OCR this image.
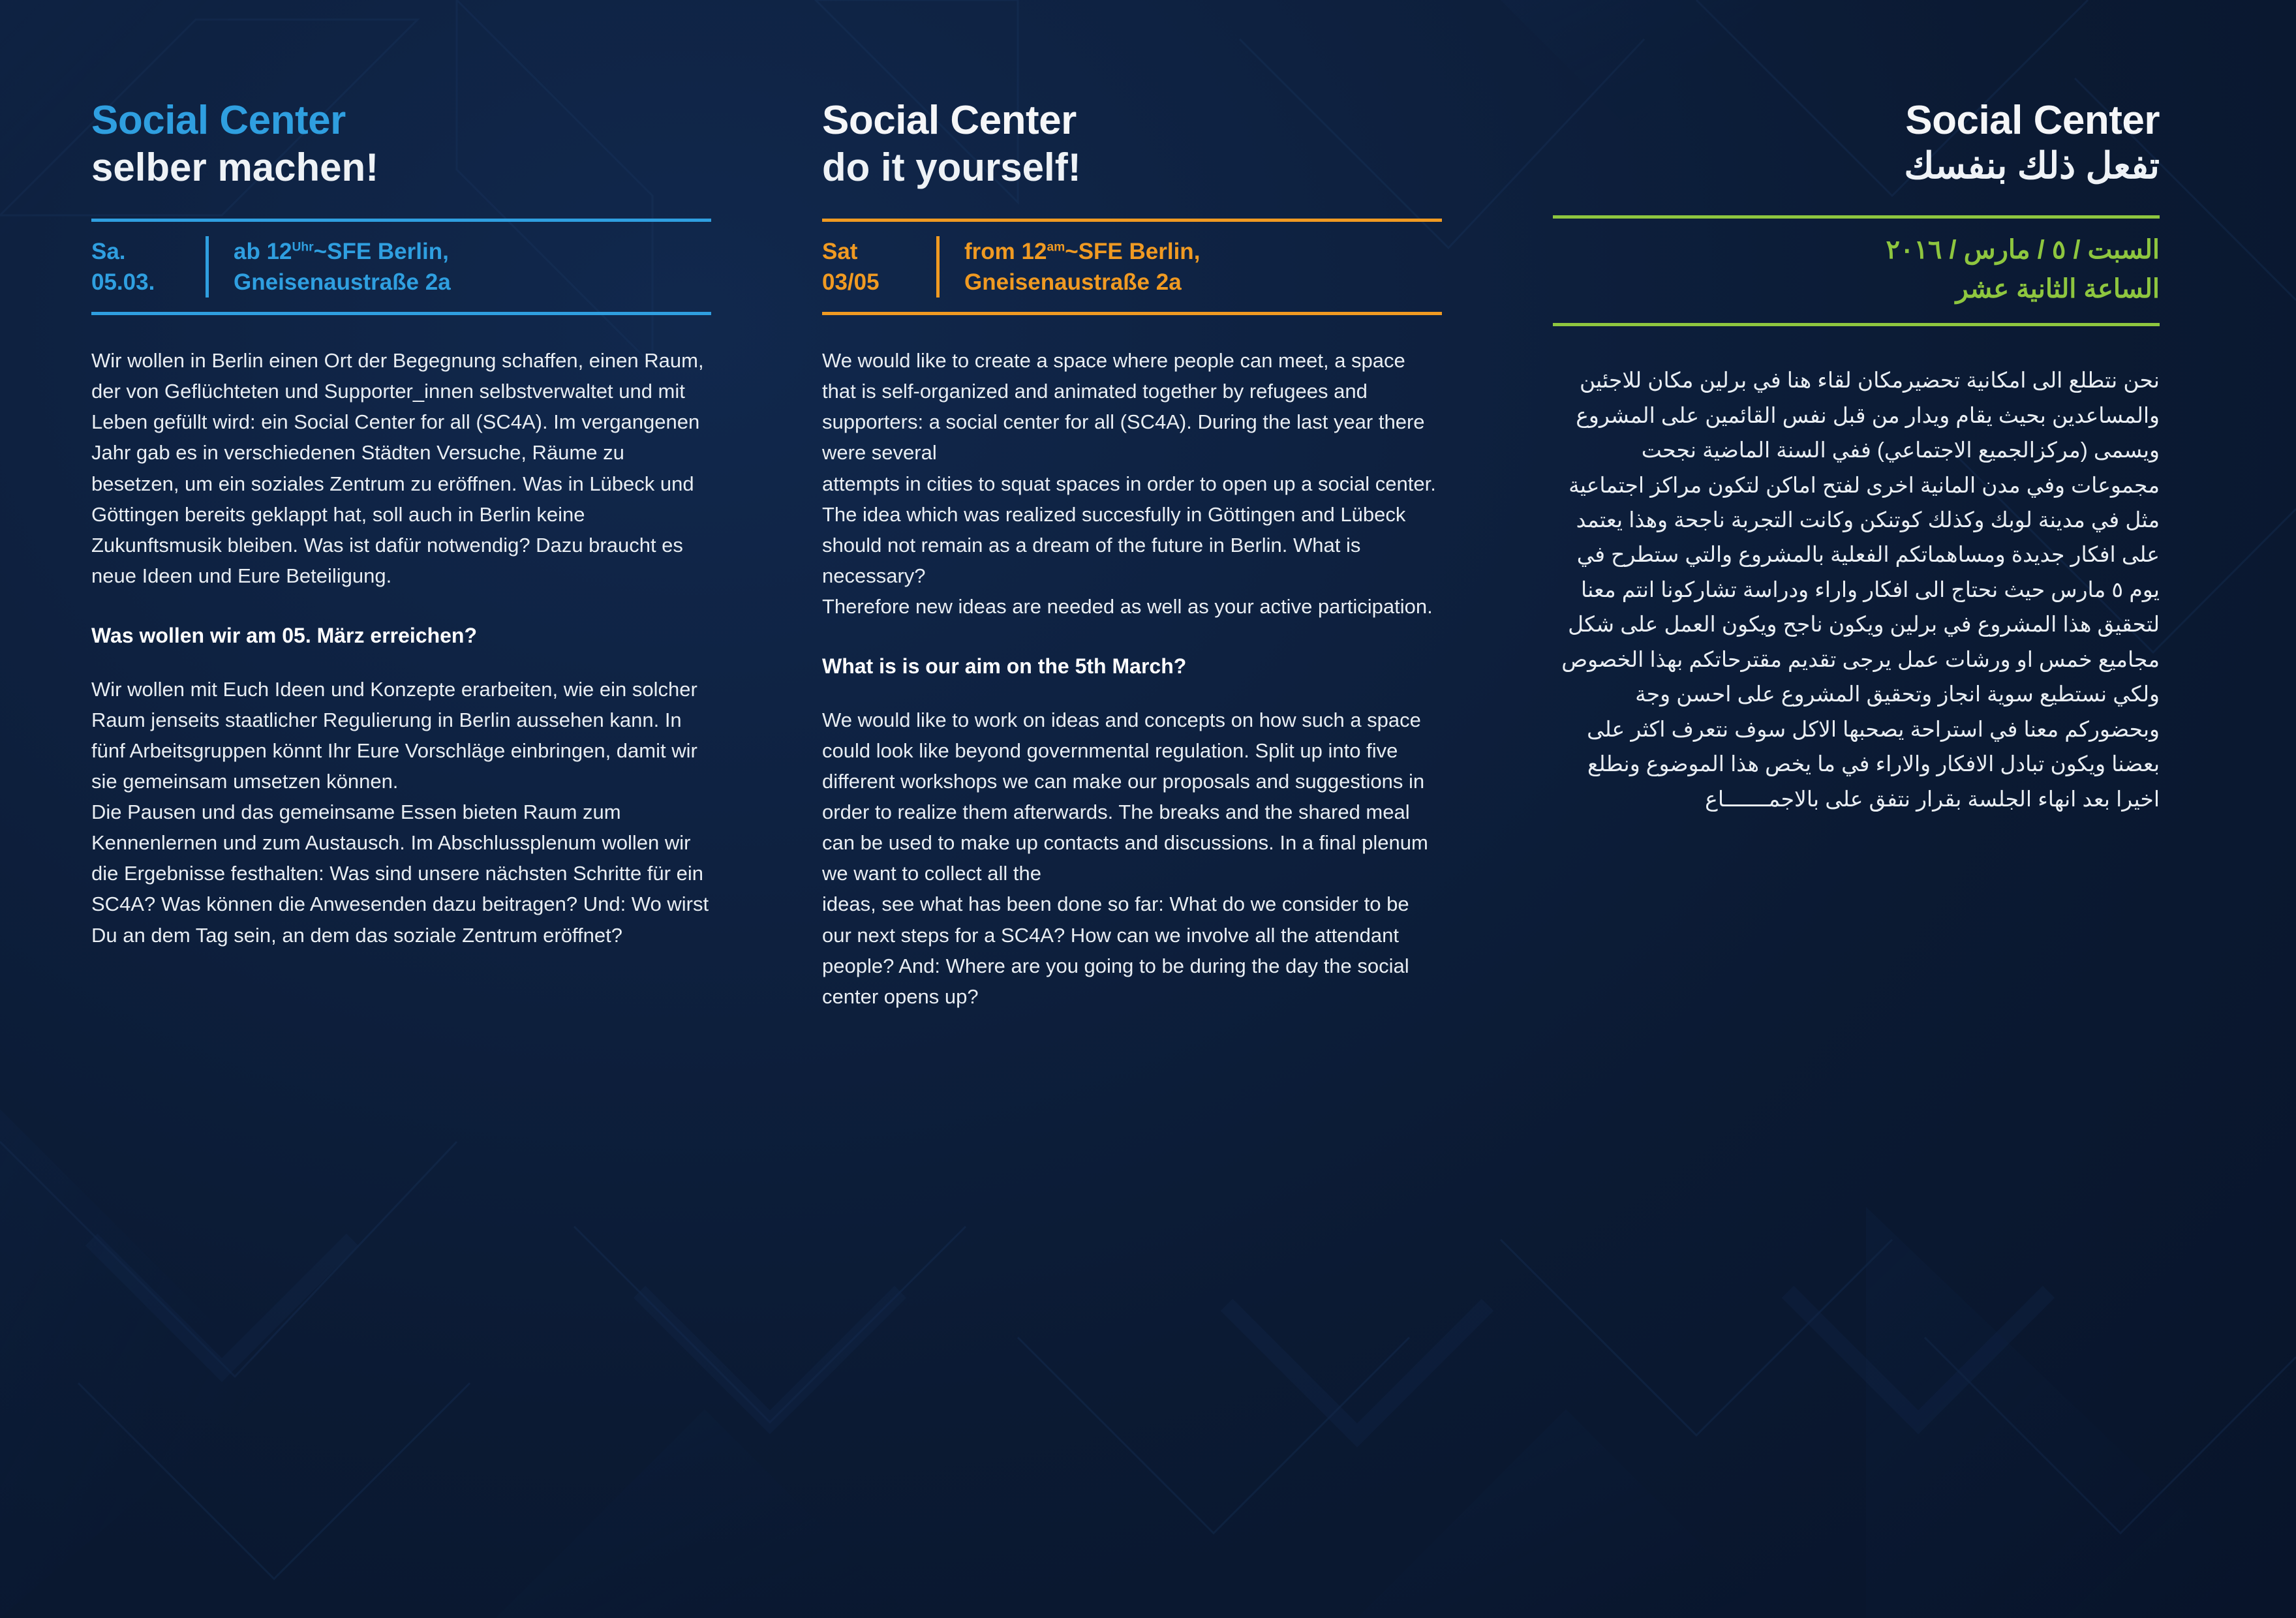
Social Center
selber machen!
Sa.
05.03.
ab $12^{Uhr}\sim SFE$ Berlin,
Gneisenaustraße 2a

Wir wollen in Berlin einen Ort der Begegnung schaffen, einen Raum, der von Geflüchteten und Supporter_innen selbstverwaltet und mit Leben gefüllt wird: ein Social Center for all (SC4A). Im vergangenen Jahr gab es in verschiedenen Städten Versuche, Räume zu besetzen, um ein soziales Zentrum zu eröffnen. Was in Lübeck und Göttingen bereits geklappt hat, soll auch in Berlin keine Zukunftsmusik bleiben. Was ist dafür notwendig? Dazu braucht es neue Ideen und Eure Beteiligung.

Was wollen wir am 05. März erreichen?

Wir wollen mit Euch Ideen und Konzepte erarbeiten, wie ein solcher Raum jenseits staatlicher Regulierung in Berlin aussehen kann. In fünf Arbeitsgruppen könnt Ihr Eure Vorschläge einbringen, damit wir sie gemeinsam umsetzen können.

Die Pausen und das gemeinsame Essen bieten Raum zum Kennenlernen und zum Austausch. Im Abschlussplenum wollen wir die Ergebnisse festhalten: Was sind unsere nächsten Schritte für ein SC4A? Was können die Anwesenden dazu beitragen? Und: Wo wirst Du an dem Tag sein, an dem das soziale Zentrum eröffnet?

Social Center
do it yourself!
Sat
03/05
from $12^{am}\sim SFE$ Berlin,
Gneisenaustraße 2a

We would like to create a space where people can meet, a space that is self-organized and animated together by refugees and supporters: a social center for all (SC4A). During the last year there were several

attempts in cities to squat spaces in order to open up a social center. The idea which was realized succesfully in Göttingen and Lübeck should not remain as a dream of the future in Berlin. What is necessary?

Therefore new ideas are needed as well as your active participation.

What is is our aim on the 5th March?

We would like to work on ideas and concepts on how such a space could look like beyond governmental regulation. Split up into five different workshops we can make our proposals and suggestions in order to realize them afterwards. The breaks and the shared meal can be used to make up contacts and discussions. In a final plenum we want to collect all the

ideas, see what has been done so far: What do we consider to be our next steps for a SC4A? How can we involve all the attendant people? And: Where are you going to be during the day the social center opens up?

Social Center
تفعل ذلك بنفسك
السبت / ٥ / مارس / ٢٠١٦
الساعة الثانية عشر

نحن نتطلع الى امكانية تحضيرمكان لقاء هنا في برلين مكان للاجئين والمساعدين بحيث يقام ويدار من قبل نفس القائمين على المشروع ويسمى (مركزالجميع الاجتماعي) ففي السنة الماضية نجحت مجموعات وفي مدن المانية اخرى لفتح اماكن لتكون مراكز اجتماعية مثل في مدينة لوبك وكذلك كوتنكن وكانت التجربة ناجحة وهذا يعتمد على افكار جديدة ومساهماتكم الفعلية بالمشروع والتي ستطرح في يوم ٥ مارس حيث نحتاج الى افكار واراء ودراسة تشاركونا انتم معنا لتحقيق هذا المشروع في برلين ويكون ناجح ويكون العمل على شكل مجاميع خمس او ورشات عمل يرجى تقديم مقترحاتكم بهذا الخصوص ولكي نستطيع سوية انجاز وتحقيق المشروع على احسن وجة وبحضوركم معنا في استراحة يصحبها الاكل سوف نتعرف اكثر على بعضنا ويكون تبادل الافكار والاراء في ما يخص هذا الموضوع ونطلع اخيرا بعد انهاء الجلسة بقرار نتفق على بالاجمـــــــاع
